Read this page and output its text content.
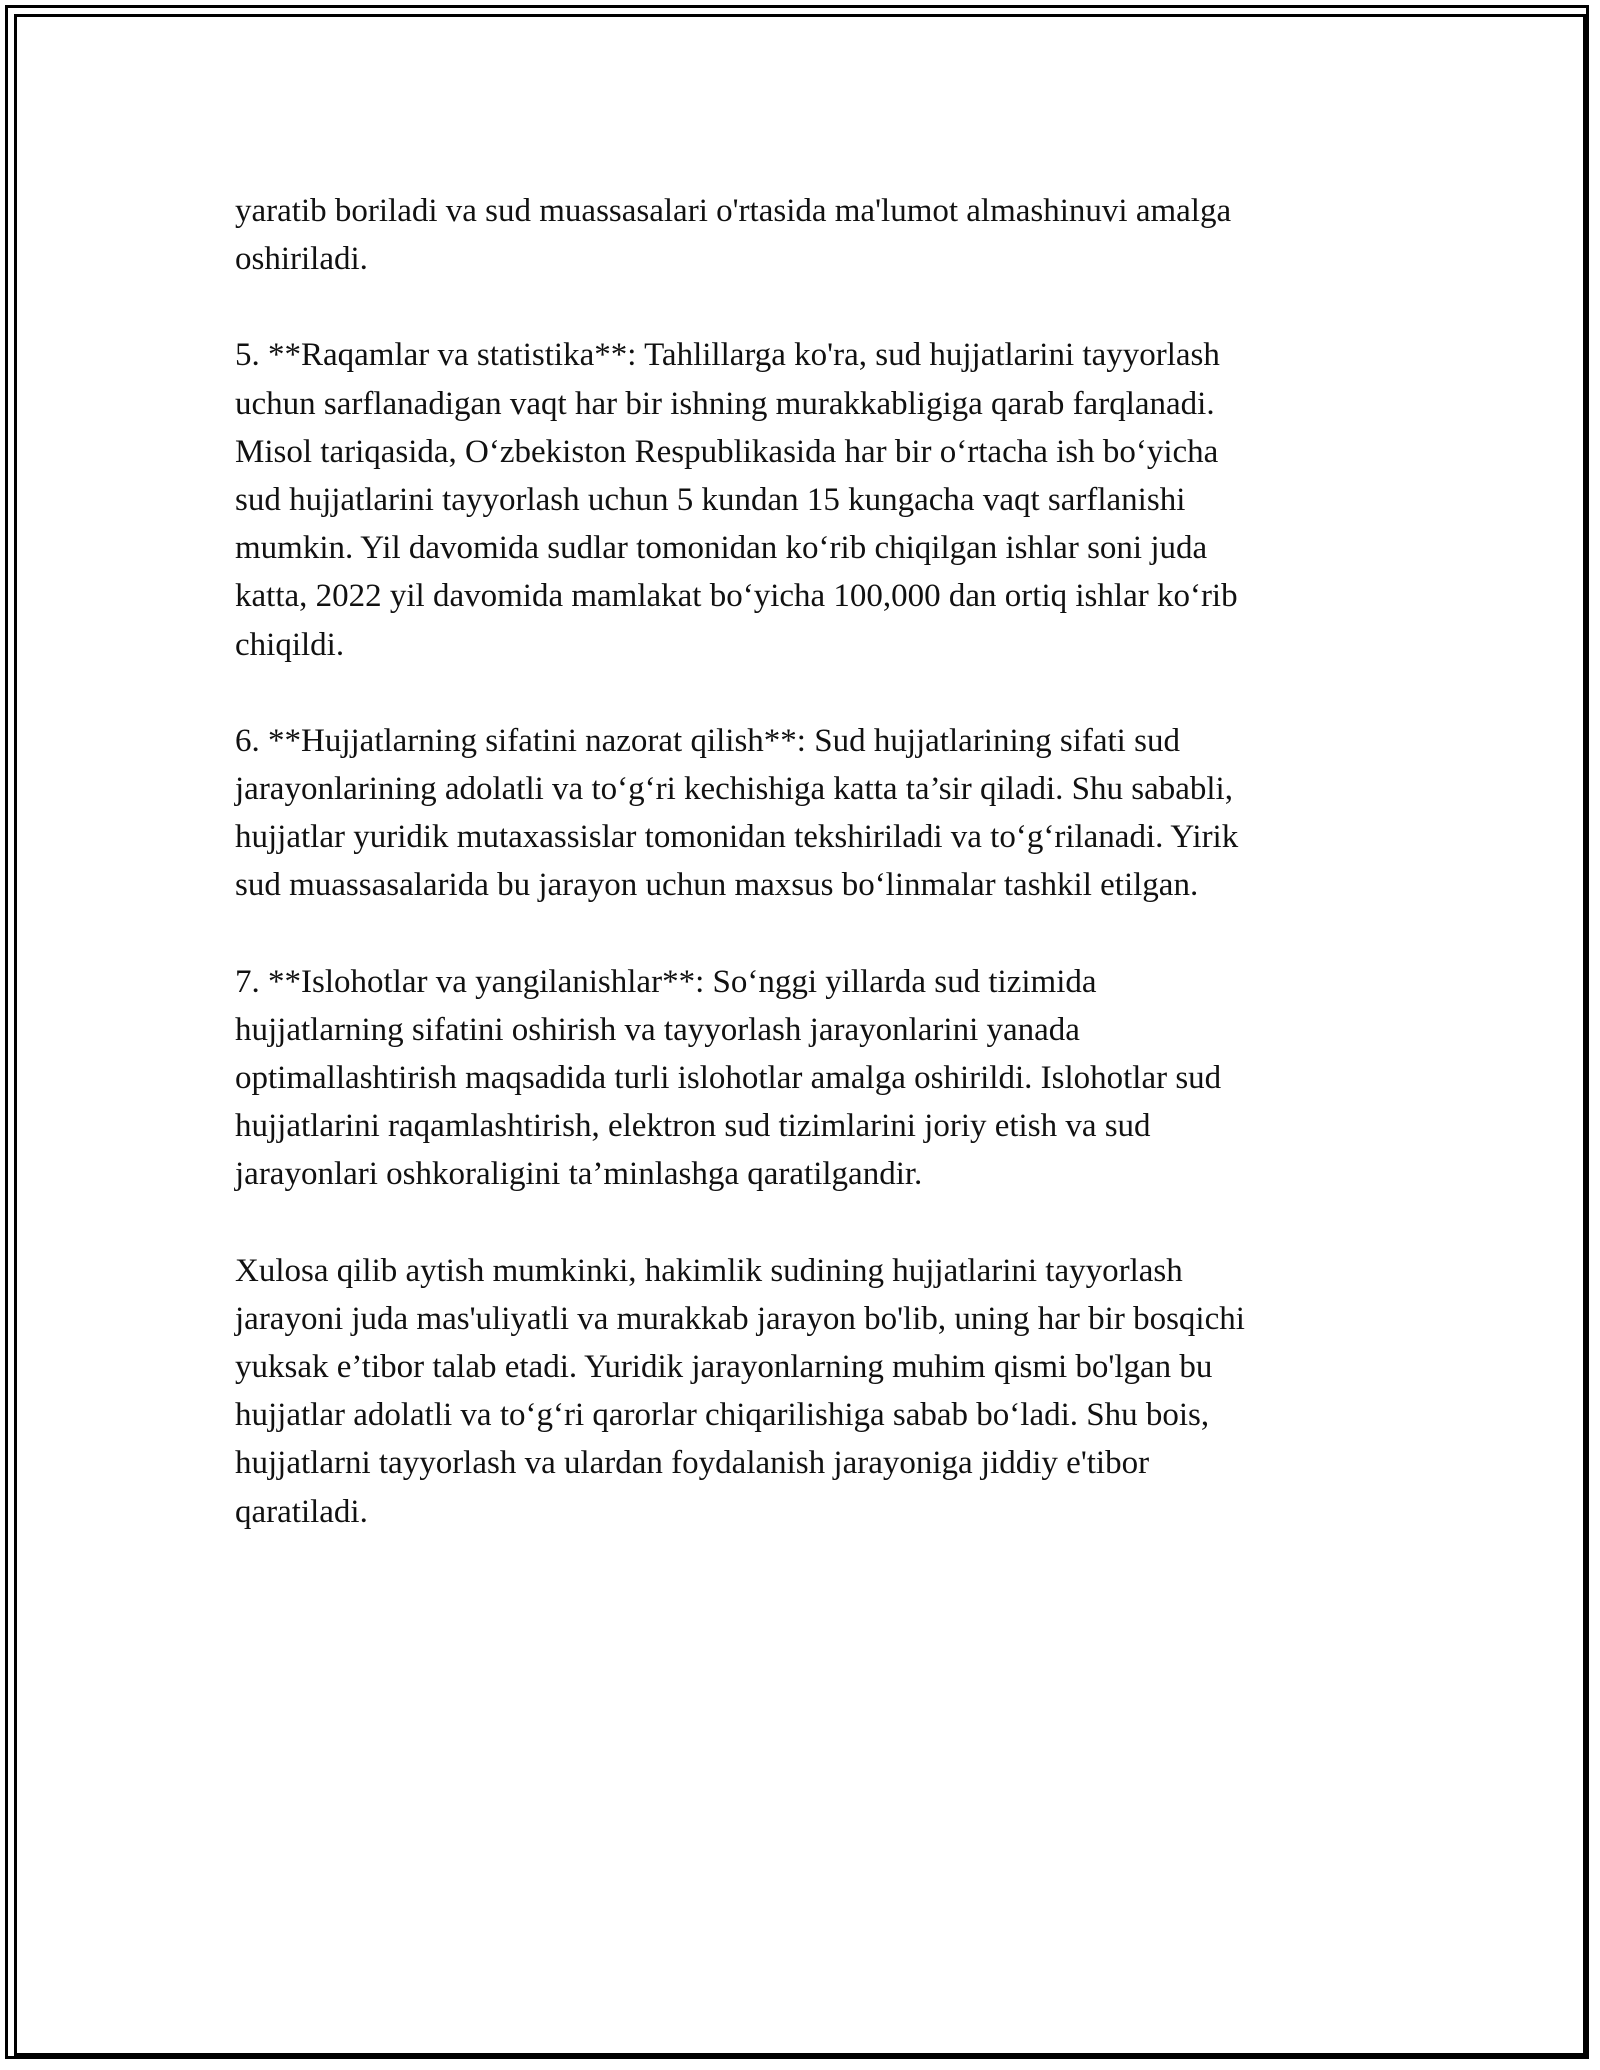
yaratib boriladi va sud muassasalari o'rtasida ma'lumot almashinuvi amalga
oshiriladi.

5. **Raqamlar va statistika**: Tahlillarga ko'ra, sud hujjatlarini tayyorlash
uchun sarflanadigan vaqt har bir ishning murakkabligiga qarab farqlanadi.
Misol tariqasida, O‘zbekiston Respublikasida har bir o‘rtacha ish bo‘yicha
sud hujjatlarini tayyorlash uchun 5 kundan 15 kungacha vaqt sarflanishi
mumkin. Yil davomida sudlar tomonidan ko‘rib chiqilgan ishlar soni juda
katta, 2022 yil davomida mamlakat bo‘yicha 100,000 dan ortiq ishlar ko‘rib
chiqildi.

6. **Hujjatlarning sifatini nazorat qilish**: Sud hujjatlarining sifati sud
jarayonlarining adolatli va to‘g‘ri kechishiga katta ta’sir qiladi. Shu sababli,
hujjatlar yuridik mutaxassislar tomonidan tekshiriladi va to‘g‘rilanadi. Yirik
sud muassasalarida bu jarayon uchun maxsus bo‘linmalar tashkil etilgan.

7. **Islohotlar va yangilanishlar**: So‘nggi yillarda sud tizimida
hujjatlarning sifatini oshirish va tayyorlash jarayonlarini yanada
optimallashtirish maqsadida turli islohotlar amalga oshirildi. Islohotlar sud
hujjatlarini raqamlashtirish, elektron sud tizimlarini joriy etish va sud
jarayonlari oshkoraligini ta’minlashga qaratilgandir.

Xulosa qilib aytish mumkinki, hakimlik sudining hujjatlarini tayyorlash
jarayoni juda mas'uliyatli va murakkab jarayon bo'lib, uning har bir bosqichi
yuksak e’tibor talab etadi. Yuridik jarayonlarning muhim qismi bo'lgan bu
hujjatlar adolatli va to‘g‘ri qarorlar chiqarilishiga sabab bo‘ladi. Shu bois,
hujjatlarni tayyorlash va ulardan foydalanish jarayoniga jiddiy e'tibor
qaratiladi.
